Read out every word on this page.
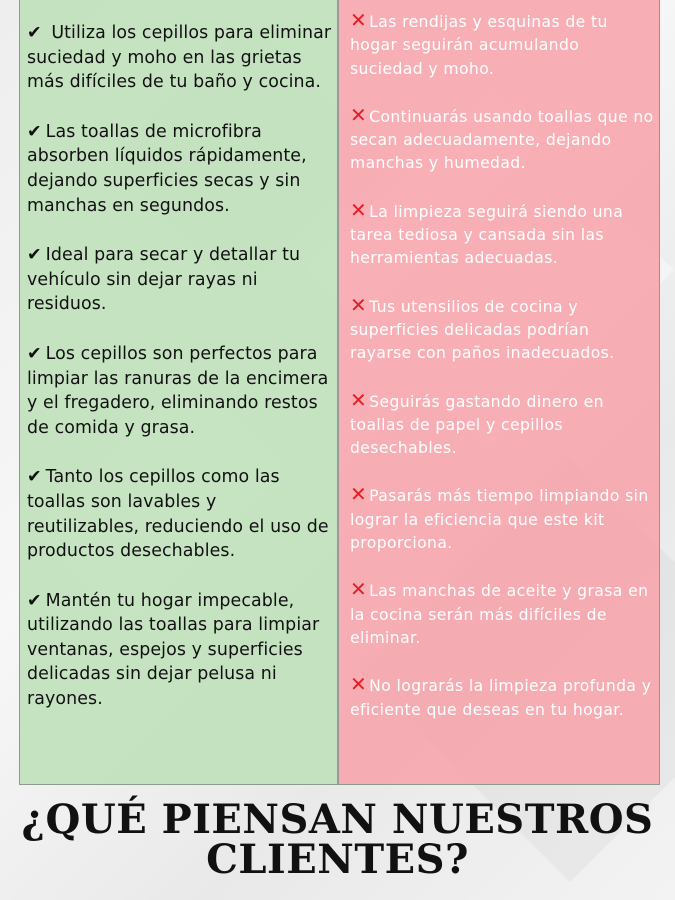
✔ Utiliza los cepillos para eliminar suciedad y moho en las grietas más difíciles de tu baño y cocina.

✔ Las toallas de microfibra absorben líquidos rápidamente, dejando superficies secas y sin manchas en segundos.

✔ Ideal para secar y detallar tu vehículo sin dejar rayas ni residuos.

✔ Los cepillos son perfectos para limpiar las ranuras de la encimera y el fregadero, eliminando restos de comida y grasa.

✔ Tanto los cepillos como las toallas son lavables y reutilizables, reduciendo el uso de productos desechables.

✔ Mantén tu hogar impecable, utilizando las toallas para limpiar ventanas, espejos y superficies delicadas sin dejar pelusa ni rayones.

✕ Las rendijas y esquinas de tu hogar seguirán acumulando suciedad y moho.

✕ Continuarás usando toallas que no secan adecuadamente, dejando manchas y humedad.

✕ La limpieza seguirá siendo una tarea tediosa y cansada sin las herramientas adecuadas.

✕ Tus utensilios de cocina y superficies delicadas podrían rayarse con paños inadecuados.

✕ Seguirás gastando dinero en toallas de papel y cepillos desechables.

✕ Pasarás más tiempo limpiando sin lograr la eficiencia que este kit proporciona.

✕ Las manchas de aceite y grasa en la cocina serán más difíciles de eliminar.

✕ No lograrás la limpieza profunda y eficiente que deseas en tu hogar.

¿QUÉ PIENSAN NUESTROS
CLIENTES?
